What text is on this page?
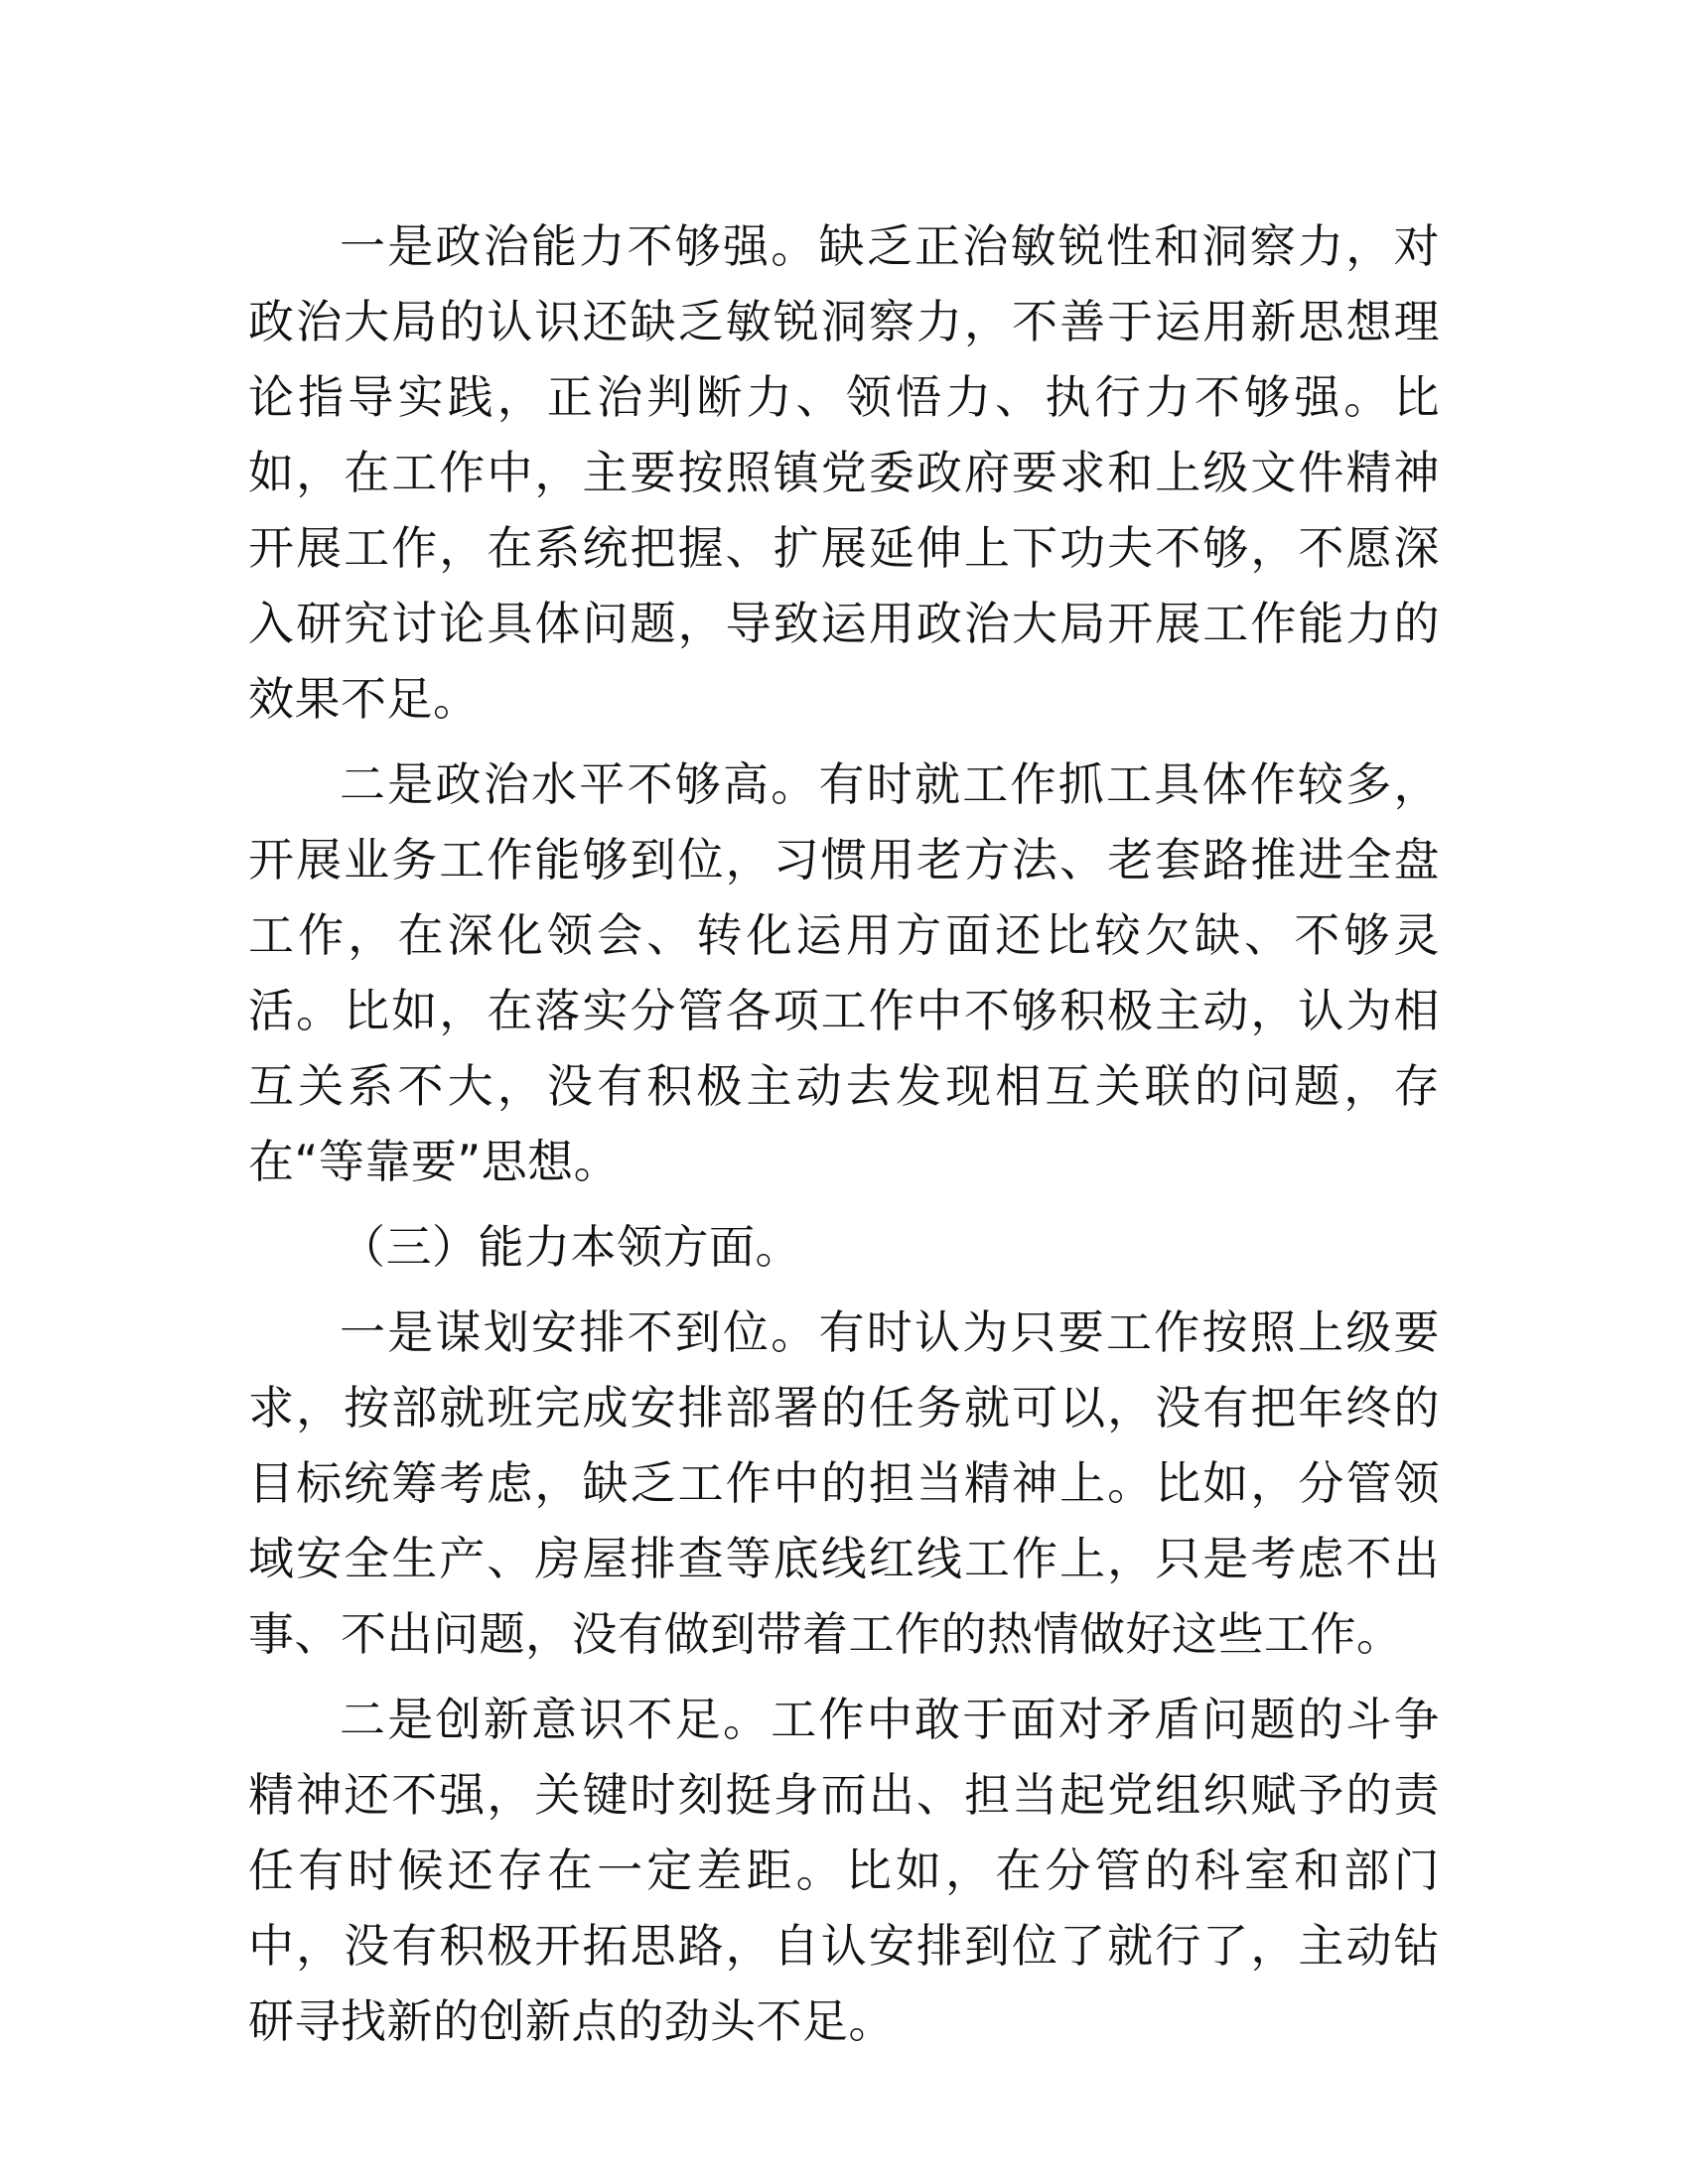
一是政治能力不够强。缺乏正治敏锐性和洞察力，对政治大局的认识还缺乏敏锐洞察力，不善于运用新思想理论指导实践，正治判断力、领悟力、执行力不够强。比如，在工作中，主要按照镇党委政府要求和上级文件精神开展工作，在系统把握、扩展延伸上下功夫不够，不愿深入研究讨论具体问题，导致运用政治大局开展工作能力的效果不足。

二是政治水平不够高。有时就工作抓工具体作较多，开展业务工作能够到位，习惯用老方法、老套路推进全盘工作，在深化领会、转化运用方面还比较欠缺、不够灵活。比如，在落实分管各项工作中不够积极主动，认为相互关系不大，没有积极主动去发现相互关联的问题，存在“等靠要”思想。

（三）能力本领方面。

一是谋划安排不到位。有时认为只要工作按照上级要求，按部就班完成安排部署的任务就可以，没有把年终的目标统筹考虑，缺乏工作中的担当精神上。比如，分管领域安全生产、房屋排查等底线红线工作上，只是考虑不出事、不出问题，没有做到带着工作的热情做好这些工作。

二是创新意识不足。工作中敢于面对矛盾问题的斗争精神还不强，关键时刻挺身而出、担当起党组织赋予的责任有时候还存在一定差距。比如，在分管的科室和部门中，没有积极开拓思路，自认安排到位了就行了，主动钻研寻找新的创新点的劲头不足。
